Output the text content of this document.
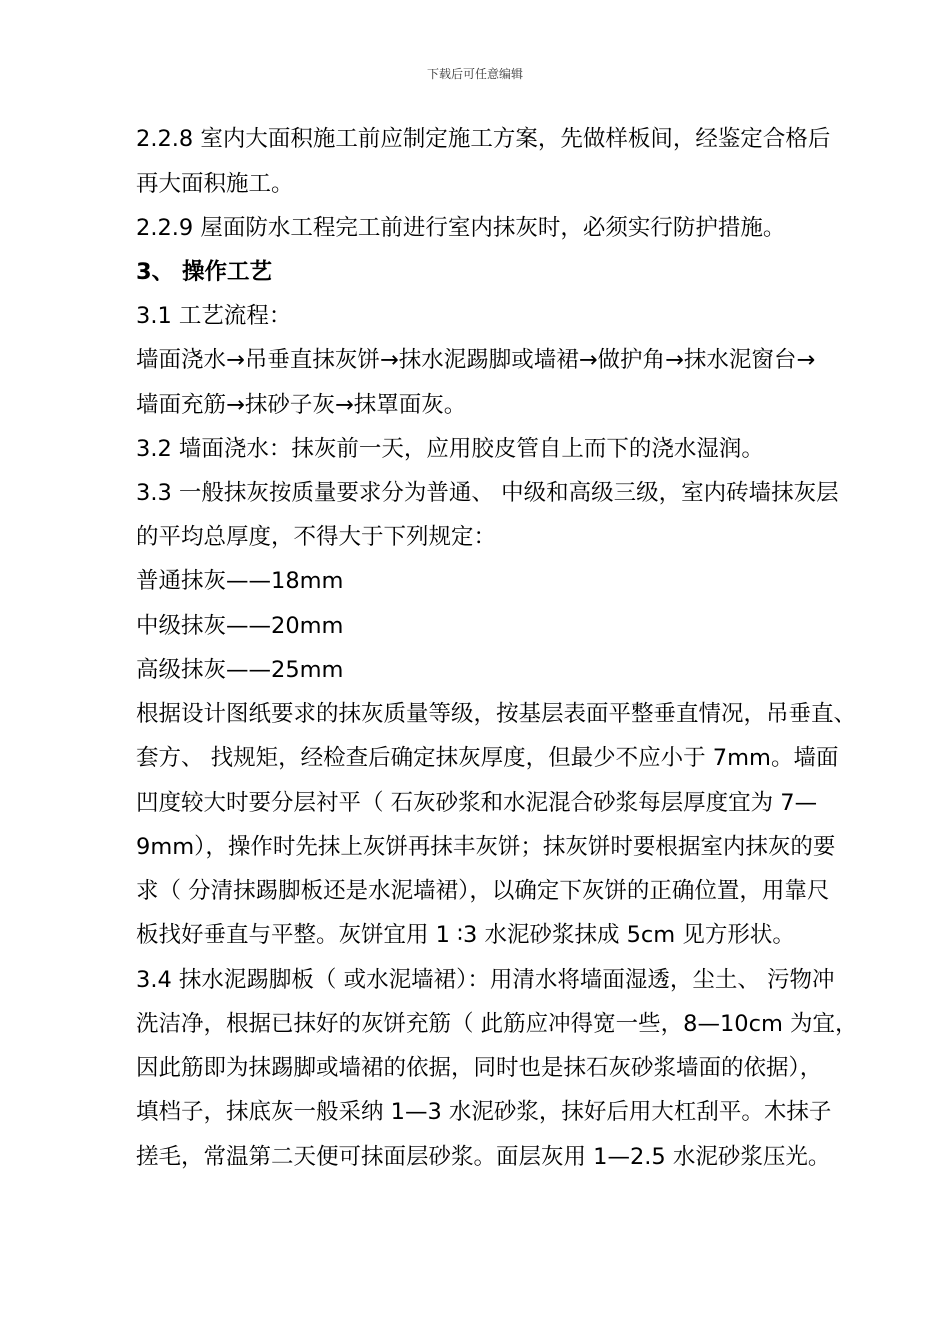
下载后可任意编辑
2.2.8 室内大面积施工前应制定施工方案，先做样板间，经鉴定合格后
再大面积施工。
2.2.9 屋面防水工程完工前进行室内抹灰时，必须实行防护措施。
3、 操作工艺
3.1 工艺流程：
墙面浇水→吊垂直抹灰饼→抹水泥踢脚或墙裙→做护角→抹水泥窗台→
墙面充筋→抹砂子灰→抹罩面灰。
3.2 墙面浇水：抹灰前一天，应用胶皮管自上而下的浇水湿润。
3.3 一般抹灰按质量要求分为普通、 中级和高级三级，室内砖墙抹灰层
的平均总厚度，不得大于下列规定：
普通抹灰——18mm
中级抹灰——20mm
高级抹灰——25mm
根据设计图纸要求的抹灰质量等级，按基层表面平整垂直情况，吊垂直、
套方、 找规矩，经检查后确定抹灰厚度，但最少不应小于 7mm。墙面
凹度较大时要分层衬平（ 石灰砂浆和水泥混合砂浆每层厚度宜为 7—
9mm），操作时先抹上灰饼再抹丰灰饼；抹灰饼时要根据室内抹灰的要
求（ 分清抹踢脚板还是水泥墙裙），以确定下灰饼的正确位置，用靠尺
板找好垂直与平整。灰饼宜用 1 ∶3 水泥砂浆抹成 5cm 见方形状。
3.4 抹水泥踢脚板（ 或水泥墙裙）：用清水将墙面湿透，尘土、 污物冲
洗洁净，根据已抹好的灰饼充筋（ 此筋应冲得宽一些，8—10cm 为宜，
因此筋即为抹踢脚或墙裙的依据，同时也是抹石灰砂浆墙面的依据），
填档子，抹底灰一般采纳 1—3 水泥砂浆，抹好后用大杠刮平。木抹子
搓毛，常温第二天便可抹面层砂浆。面层灰用 1—2.5 水泥砂浆压光。
